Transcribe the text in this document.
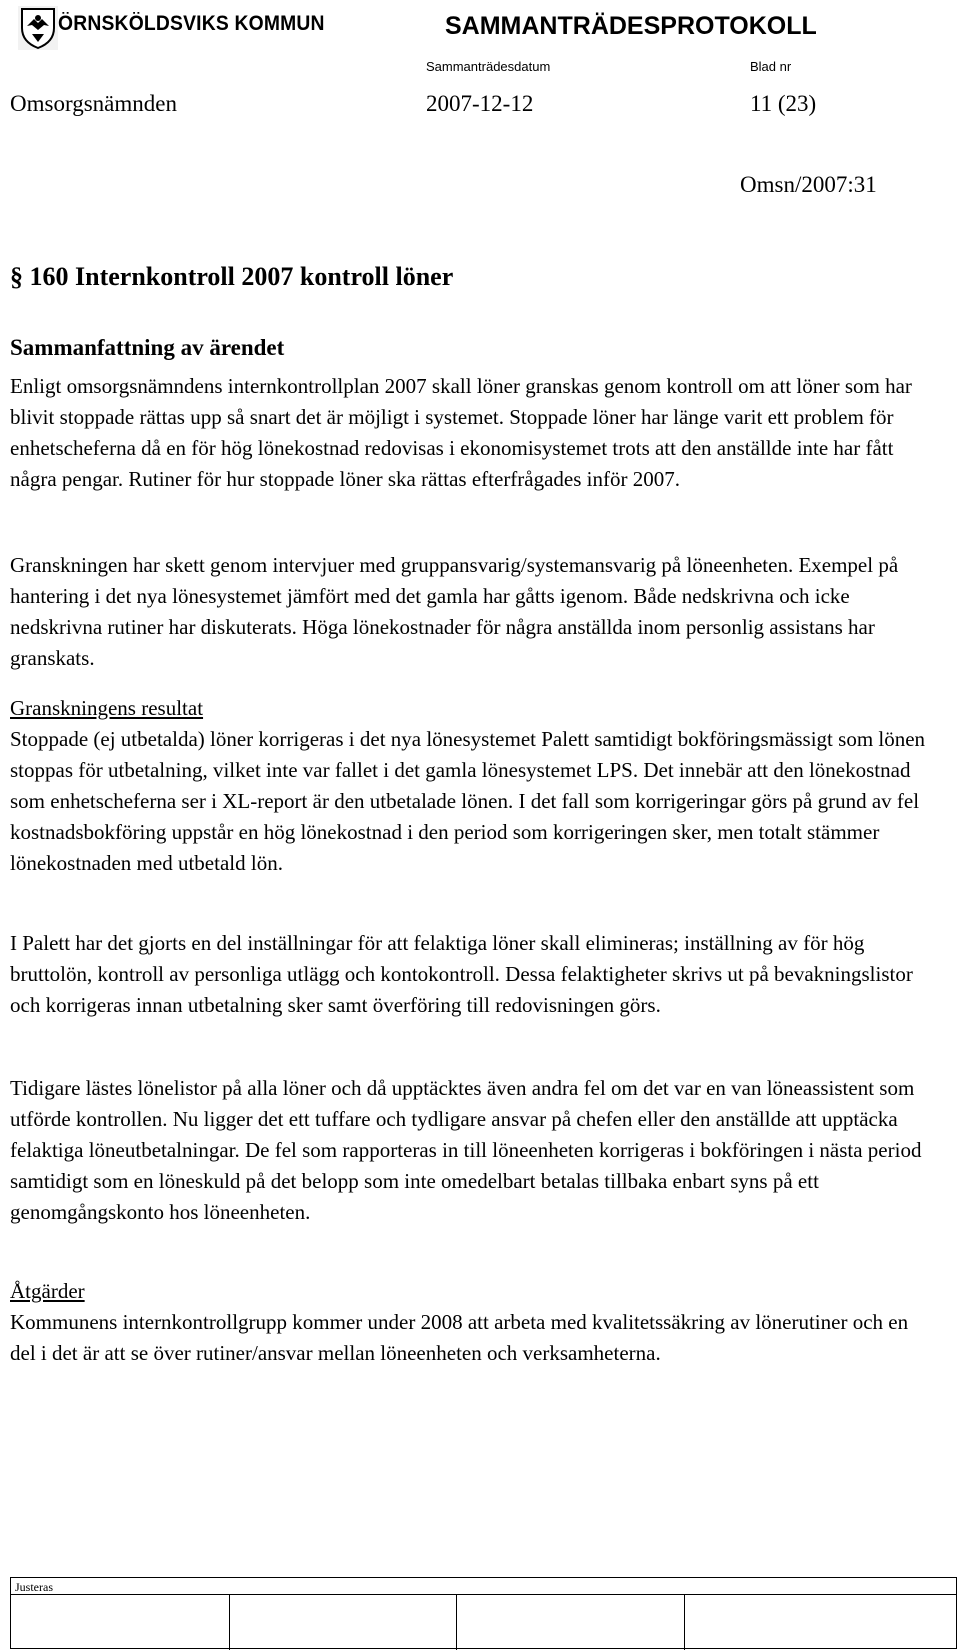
ÖRNSKÖLDSVIKS KOMMUN	SAMMANTRÄDESPROTOKOLL
Sammanträdesdatum	Blad nr
Omsorgsnämnden	2007-12-12	11 (23)
Omsn/2007:31
§ 160 Internkontroll 2007 kontroll löner
Sammanfattning av ärendet

Enligt omsorgsnämndens internkontrollplan 2007 skall löner granskas genom kontroll om att löner som har blivit stoppade rättas upp så snart det är möjligt i systemet. Stoppade löner har länge varit ett problem för enhetscheferna då en för hög lönekostnad redovisas i ekonomisystemet trots att den anställde inte har fått några pengar. Rutiner för hur stoppade löner ska rättas efterfrågades inför 2007.

Granskningen har skett genom intervjuer med gruppansvarig/systemansvarig på löneenheten. Exempel på hantering i det nya lönesystemet jämfört med det gamla har gåtts igenom. Både nedskrivna och icke nedskrivna rutiner har diskuterats. Höga lönekostnader för några anställda inom personlig assistans har granskats.

Granskningens resultat

Stoppade (ej utbetalda) löner korrigeras i det nya lönesystemet Palett samtidigt bokföringsmässigt som lönen stoppas för utbetalning, vilket inte var fallet i det gamla lönesystemet LPS. Det innebär att den lönekostnad som enhetscheferna ser i XL-report är den utbetalade lönen. I det fall som korrigeringar görs på grund av fel kostnadsbokföring uppstår en hög lönekostnad i den period som korrigeringen sker, men totalt stämmer lönekostnaden med utbetald lön.

I Palett har det gjorts en del inställningar för att felaktiga löner skall elimineras; inställning av för hög bruttolön, kontroll av personliga utlägg och kontokontroll. Dessa felaktigheter skrivs ut på bevakningslistor och korrigeras innan utbetalning sker samt överföring till redovisningen görs.

Tidigare lästes lönelistor på alla löner och då upptäcktes även andra fel om det var en van löneassistent som utförde kontrollen. Nu ligger det ett tuffare och tydligare ansvar på chefen eller den anställde att upptäcka felaktiga löneutbetalningar. De fel som rapporteras in till löneenheten korrigeras i bokföringen i nästa period samtidigt som en löneskuld på det belopp som inte omedelbart betalas tillbaka enbart syns på ett genomgångskonto hos löneenheten.

Åtgärder

Kommunens internkontrollgrupp kommer under 2008 att arbeta med kvalitetssäkring av lönerutiner och en del i det är att se över rutiner/ansvar mellan löneenheten och verksamheterna.

Justeras
